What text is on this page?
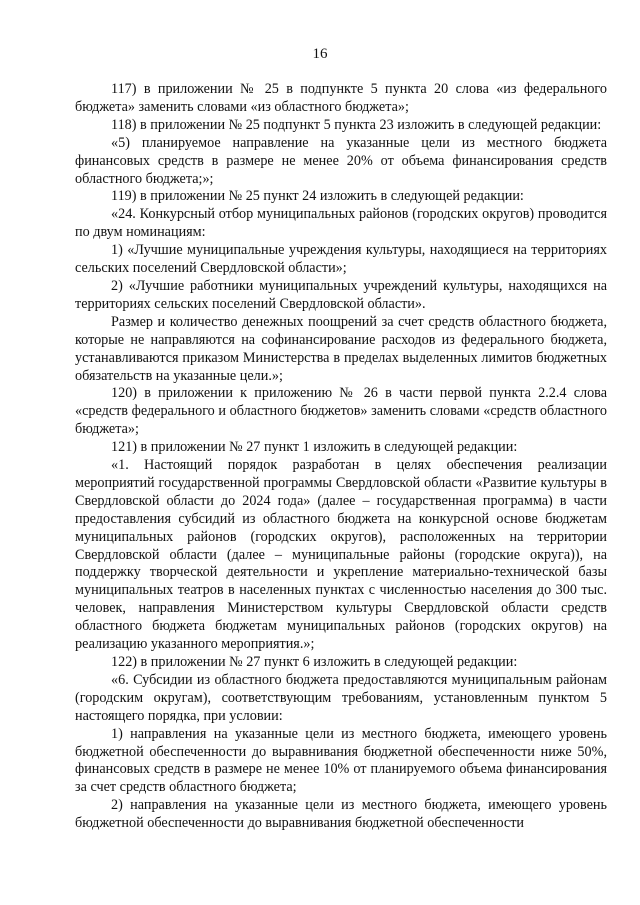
16

117) в приложении № 25 в подпункте 5 пункта 20 слова «из федерального бюджета» заменить словами «из областного бюджета»;

118) в приложении № 25 подпункт 5 пункта 23 изложить в следующей редакции:

«5) планируемое направление на указанные цели из местного бюджета финансовых средств в размере не менее 20% от объема финансирования средств областного бюджета;»;

119) в приложении № 25 пункт 24 изложить в следующей редакции:

«24. Конкурсный отбор муниципальных районов (городских округов) проводится по двум номинациям:

1) «Лучшие муниципальные учреждения культуры, находящиеся на территориях сельских поселений Свердловской области»;

2) «Лучшие работники муниципальных учреждений культуры, находящихся на территориях сельских поселений Свердловской области».

Размер и количество денежных поощрений за счет средств областного бюджета, которые не направляются на софинансирование расходов из федерального бюджета, устанавливаются приказом Министерства в пределах выделенных лимитов бюджетных обязательств на указанные цели.»;

120) в приложении к приложению № 26 в части первой пункта 2.2.4 слова «средств федерального и областного бюджетов» заменить словами «средств областного бюджета»;

121) в приложении № 27 пункт 1 изложить в следующей редакции:

«1. Настоящий порядок разработан в целях обеспечения реализации мероприятий государственной программы Свердловской области «Развитие культуры в Свердловской области до 2024 года» (далее – государственная программа) в части предоставления субсидий из областного бюджета на конкурсной основе бюджетам муниципальных районов (городских округов), расположенных на территории Свердловской области (далее – муниципальные районы (городские округа)), на поддержку творческой деятельности и укрепление материально-технической базы муниципальных театров в населенных пунктах с численностью населения до 300 тыс. человек, направления Министерством культуры Свердловской области средств областного бюджета бюджетам муниципальных районов (городских округов) на реализацию указанного мероприятия.»;

122) в приложении № 27 пункт 6 изложить в следующей редакции:

«6. Субсидии из областного бюджета предоставляются муниципальным районам (городским округам), соответствующим требованиям, установленным пунктом 5 настоящего порядка, при условии:

1) направления на указанные цели из местного бюджета, имеющего уровень бюджетной обеспеченности до выравнивания бюджетной обеспеченности ниже 50%, финансовых средств в размере не менее 10% от планируемого объема финансирования за счет средств областного бюджета;

2) направления на указанные цели из местного бюджета, имеющего уровень бюджетной обеспеченности до выравнивания бюджетной обеспеченности
